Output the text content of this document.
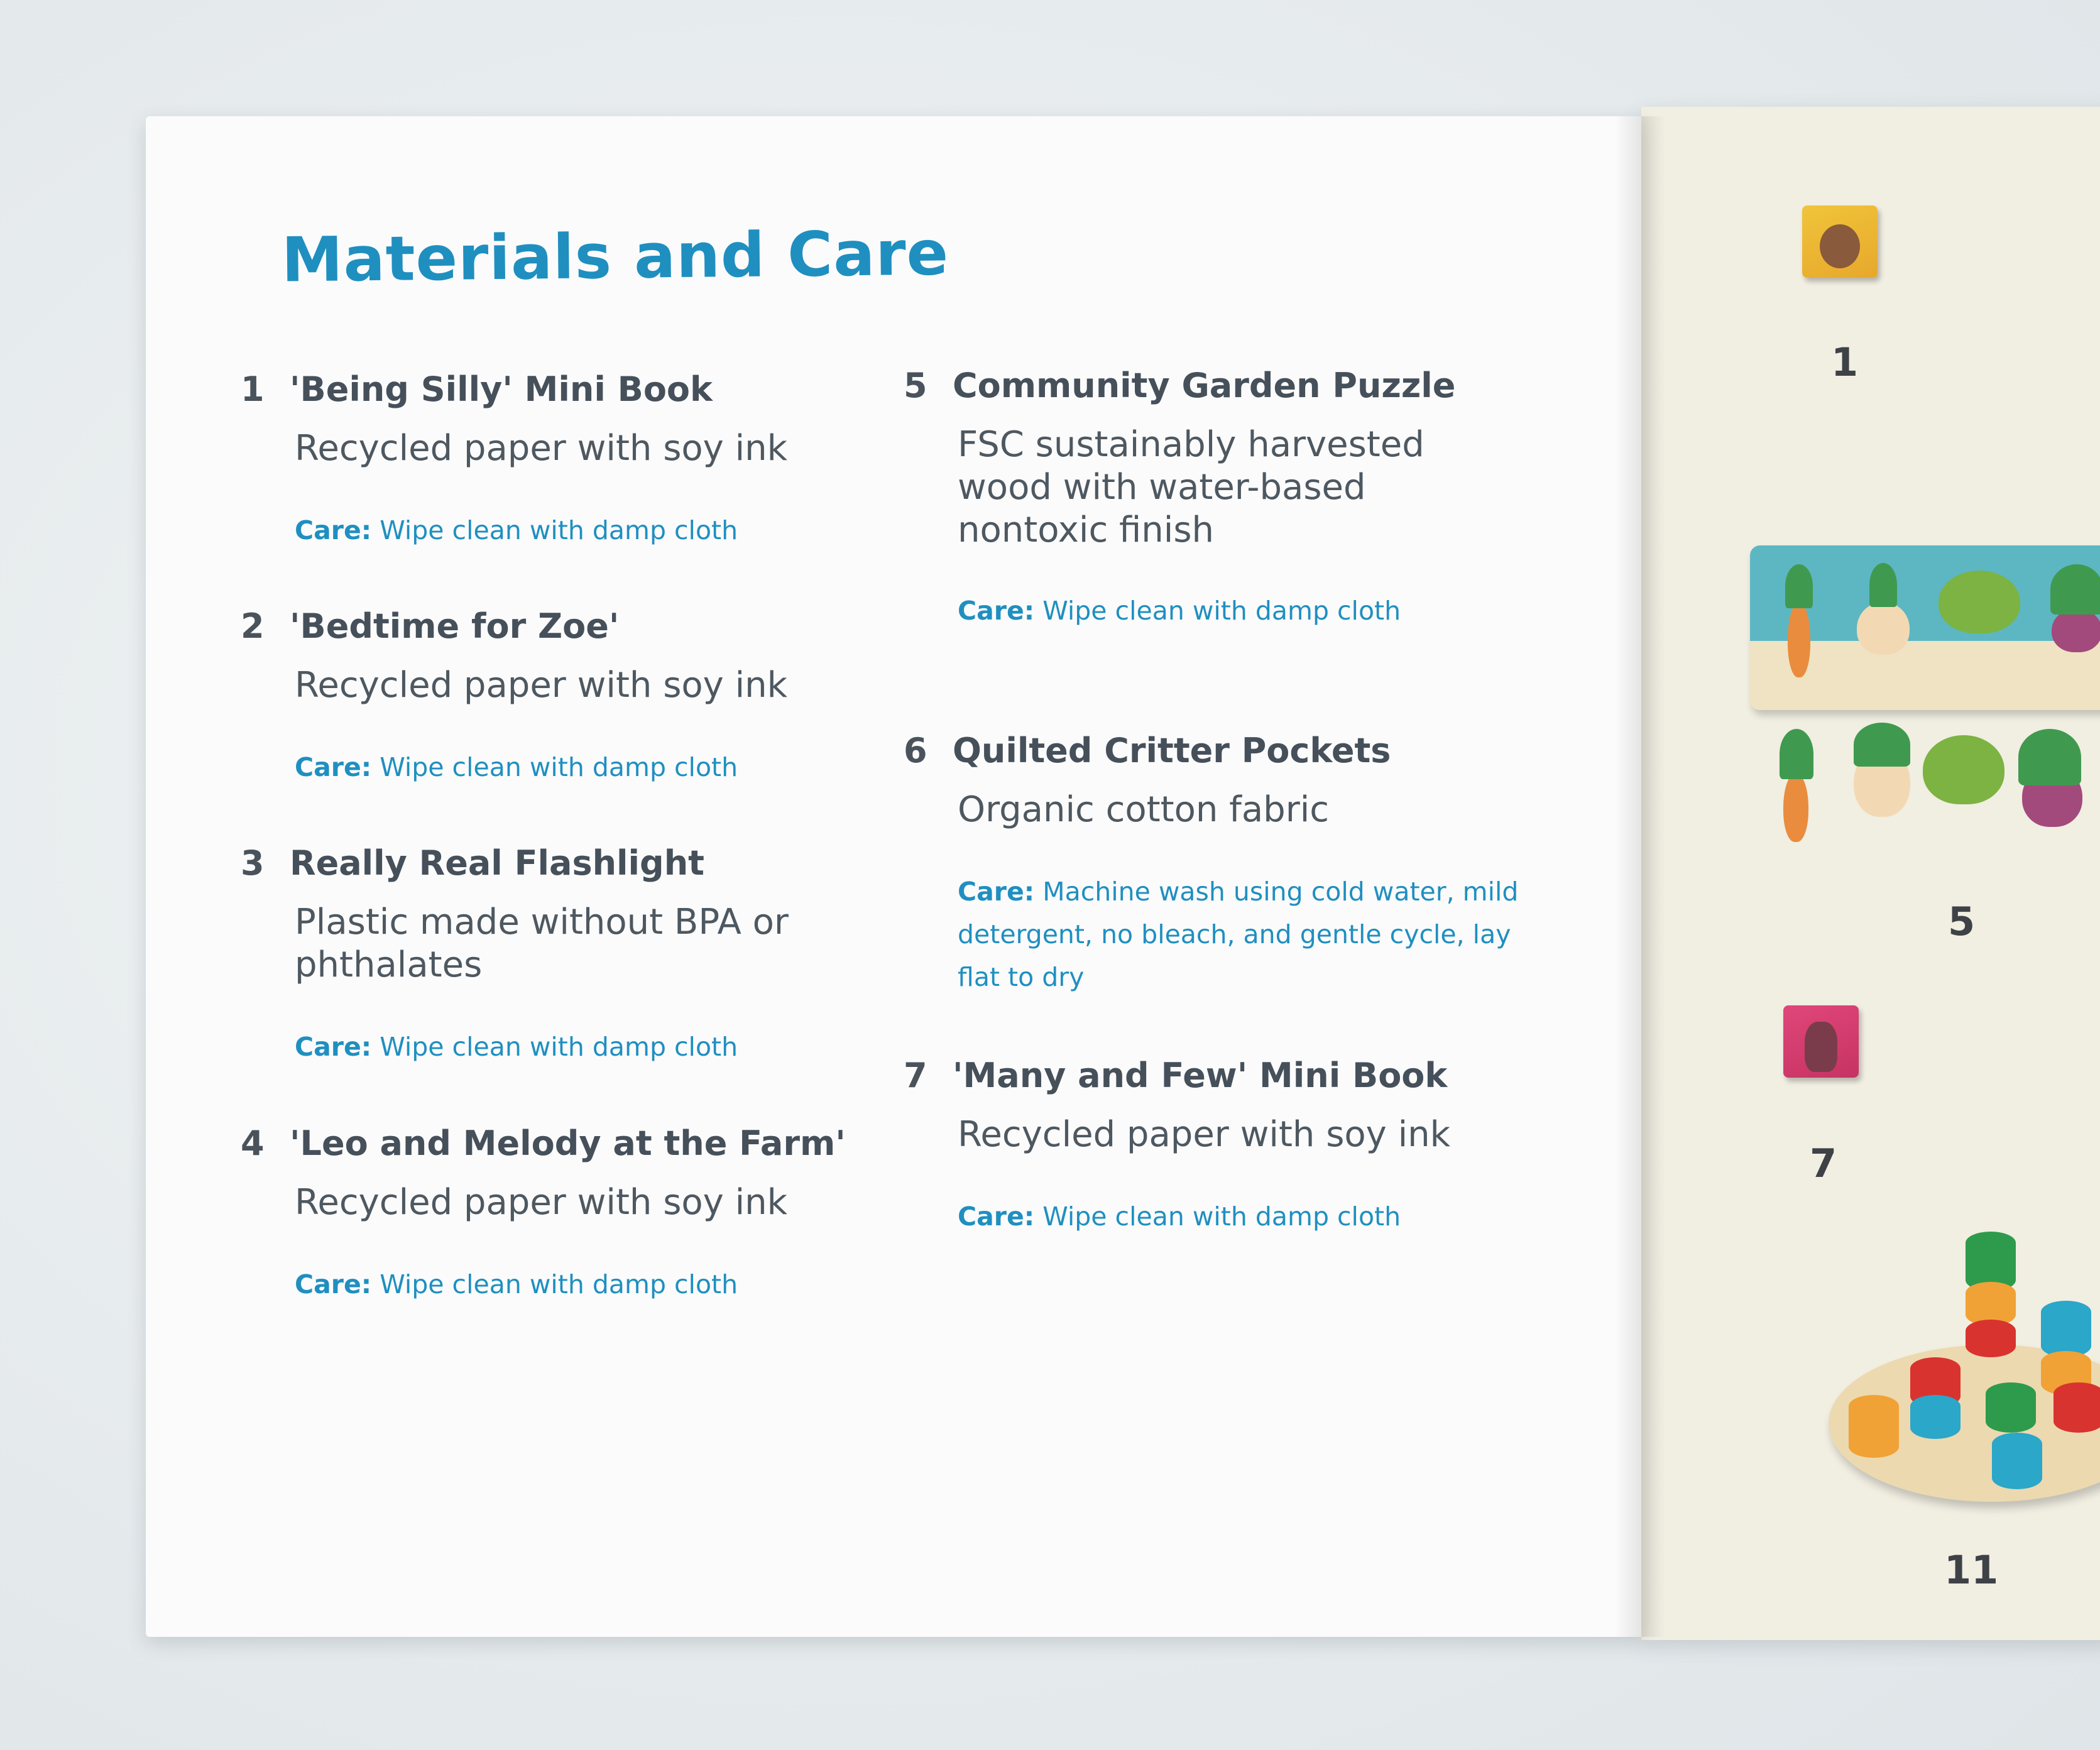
Materials and Care
1 'Being Silly' Mini Book
Recycled paper with soy ink
Care: Wipe clean with damp cloth
2 'Bedtime for Zoe'
Recycled paper with soy ink
Care: Wipe clean with damp cloth
3 Really Real Flashlight
Plastic made without BPA or phthalates
Care: Wipe clean with damp cloth
4 'Leo and Melody at the Farm'
Recycled paper with soy ink
Care: Wipe clean with damp cloth
5 Community Garden Puzzle
FSC sustainably harvested wood with water-based nontoxic finish
Care: Wipe clean with damp cloth
6 Quilted Critter Pockets
Organic cotton fabric
Care: Machine wash using cold water, mild detergent, no bleach, and gentle cycle, lay flat to dry
7 'Many and Few' Mini Book
Recycled paper with soy ink
Care: Wipe clean with damp cloth
1
5
7
11
